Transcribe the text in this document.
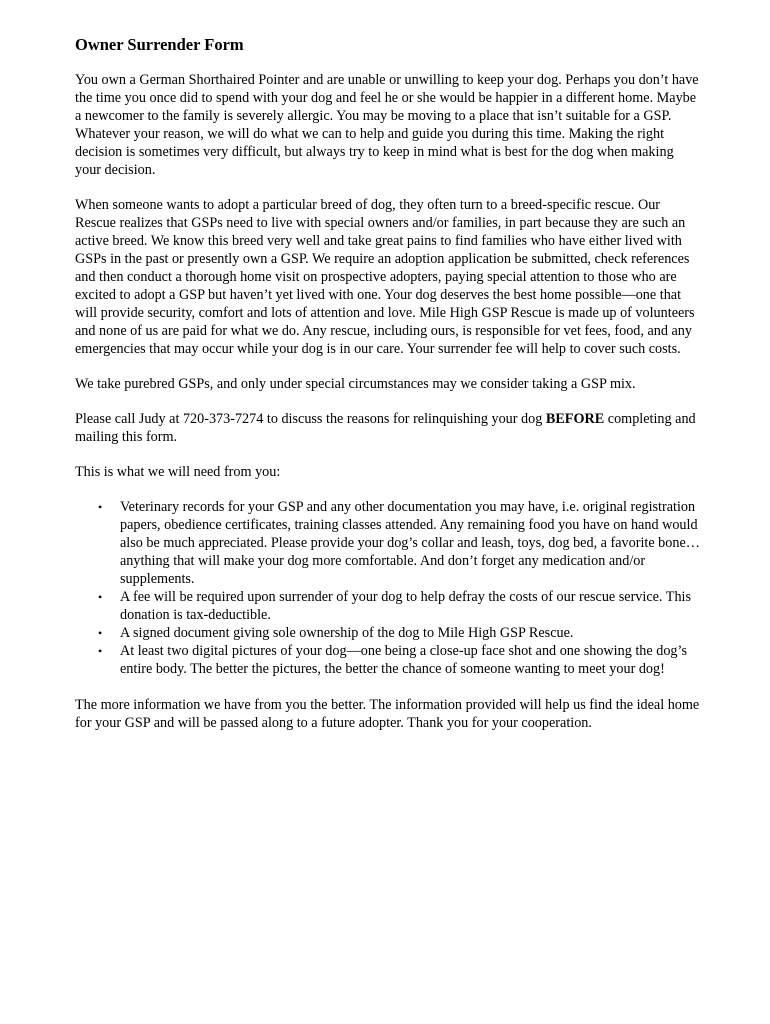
Owner Surrender Form

You own a German Shorthaired Pointer and are unable or unwilling to keep your dog. Perhaps you don’t have the time you once did to spend with your dog and feel he or she would be happier in a different home. Maybe a newcomer to the family is severely allergic. You may be moving to a place that isn’t suitable for a GSP. Whatever your reason, we will do what we can to help and guide you during this time. Making the right decision is sometimes very difficult, but always try to keep in mind what is best for the dog when making your decision.

When someone wants to adopt a particular breed of dog, they often turn to a breed-specific rescue. Our Rescue realizes that GSPs need to live with special owners and/or families, in part because they are such an active breed. We know this breed very well and take great pains to find families who have either lived with GSPs in the past or presently own a GSP. We require an adoption application be submitted, check references and then conduct a thorough home visit on prospective adopters, paying special attention to those who are excited to adopt a GSP but haven’t yet lived with one. Your dog deserves the best home possible—one that will provide security, comfort and lots of attention and love. Mile High GSP Rescue is made up of volunteers and none of us are paid for what we do. Any rescue, including ours, is responsible for vet fees, food, and any emergencies that may occur while your dog is in our care. Your surrender fee will help to cover such costs.

We take purebred GSPs, and only under special circumstances may we consider taking a GSP mix.

Please call Judy at 720-373-7274 to discuss the reasons for relinquishing your dog BEFORE completing and mailing this form.

This is what we will need from you:

• Veterinary records for your GSP and any other documentation you may have, i.e. original registration papers, obedience certificates, training classes attended. Any remaining food you have on hand would also be much appreciated. Please provide your dog’s collar and leash, toys, dog bed, a favorite bone…anything that will make your dog more comfortable. And don’t forget any medication and/or supplements.
• A fee will be required upon surrender of your dog to help defray the costs of our rescue service. This donation is tax-deductible.
• A signed document giving sole ownership of the dog to Mile High GSP Rescue.
• At least two digital pictures of your dog—one being a close-up face shot and one showing the dog’s entire body. The better the pictures, the better the chance of someone wanting to meet your dog!

The more information we have from you the better. The information provided will help us find the ideal home for your GSP and will be passed along to a future adopter. Thank you for your cooperation.
